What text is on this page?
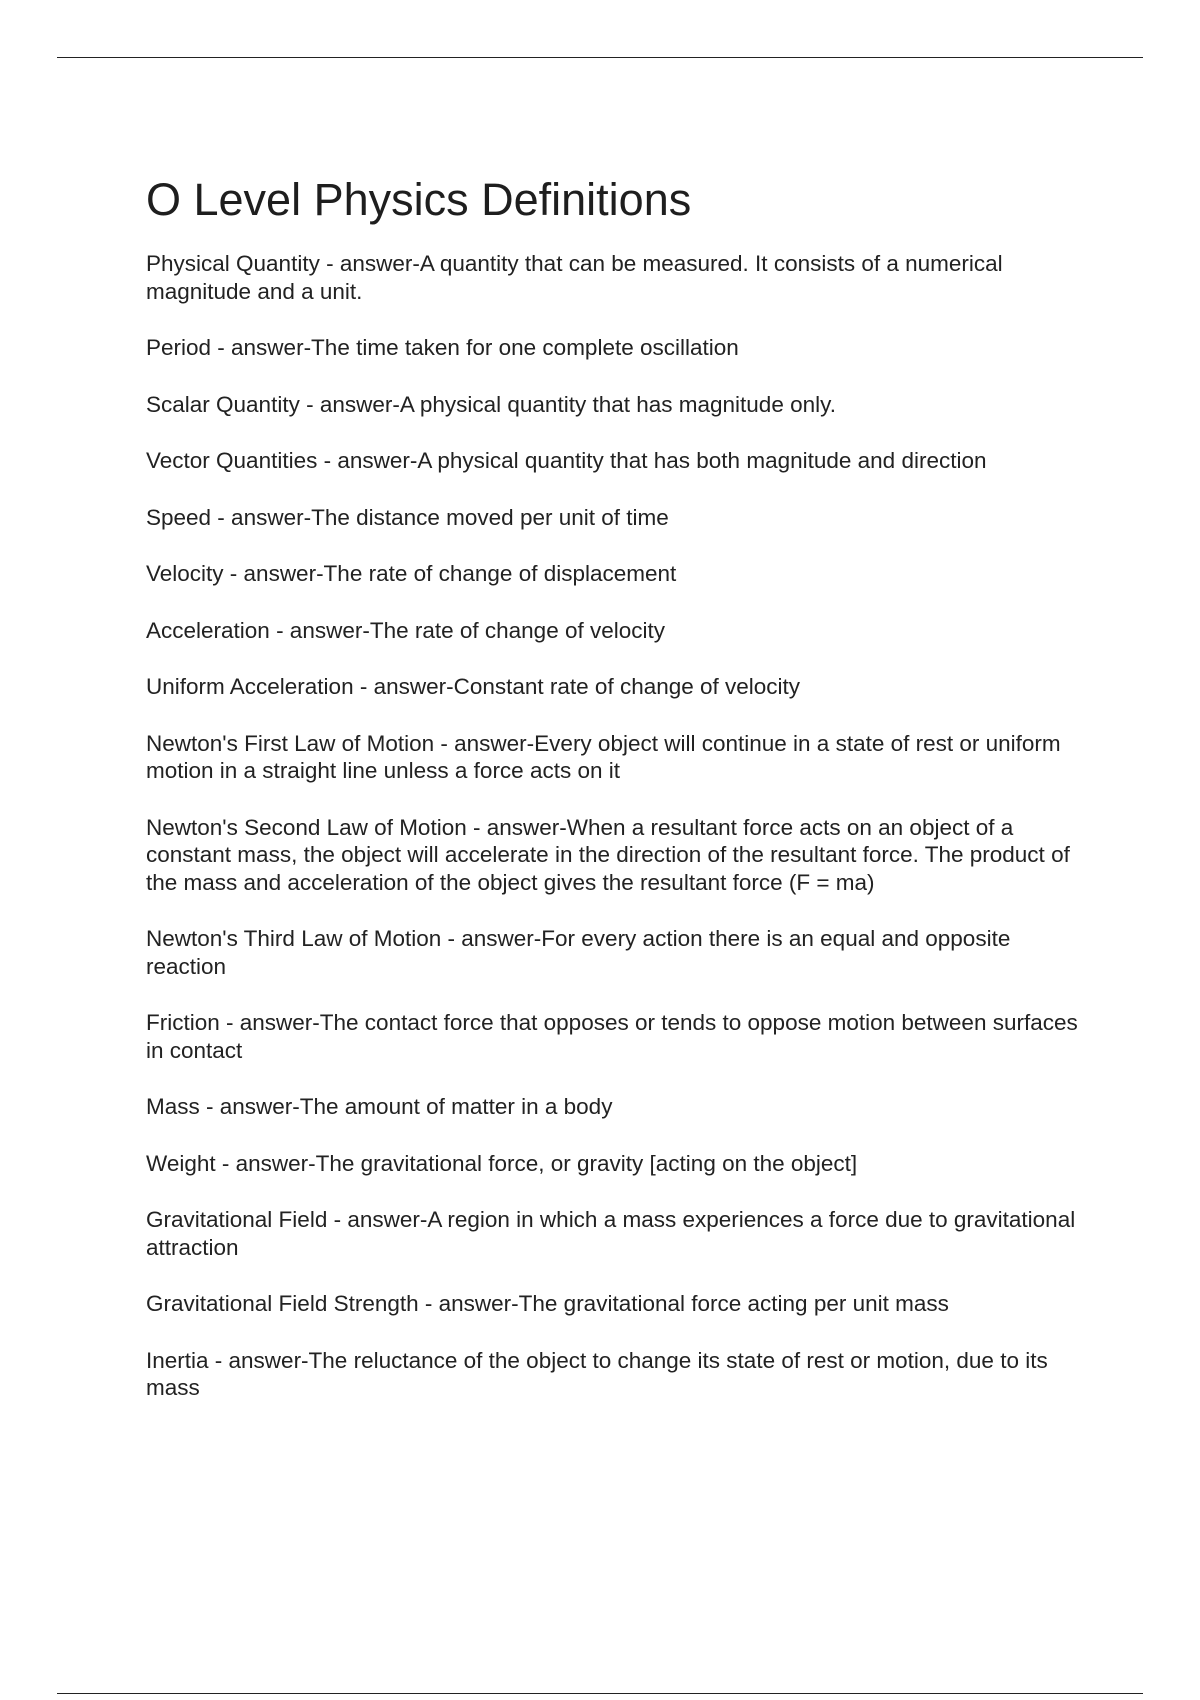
O Level Physics Definitions
Physical Quantity - answer-A quantity that can be measured. It consists of a numerical magnitude and a unit.
Period - answer-The time taken for one complete oscillation
Scalar Quantity - answer-A physical quantity that has magnitude only.
Vector Quantities - answer-A physical quantity that has both magnitude and direction
Speed - answer-The distance moved per unit of time
Velocity - answer-The rate of change of displacement
Acceleration - answer-The rate of change of velocity
Uniform Acceleration - answer-Constant rate of change of velocity
Newton's First Law of Motion - answer-Every object will continue in a state of rest or uniform motion in a straight line unless a force acts on it
Newton's Second Law of Motion - answer-When a resultant force acts on an object of a constant mass, the object will accelerate in the direction of the resultant force. The product of the mass and acceleration of the object gives the resultant force (F = ma)
Newton's Third Law of Motion - answer-For every action there is an equal and opposite reaction
Friction - answer-The contact force that opposes or tends to oppose motion between surfaces in contact
Mass - answer-The amount of matter in a body
Weight - answer-The gravitational force, or gravity [acting on the object]
Gravitational Field - answer-A region in which a mass experiences a force due to gravitational attraction
Gravitational Field Strength - answer-The gravitational force acting per unit mass
Inertia - answer-The reluctance of the object to change its state of rest or motion, due to its mass
